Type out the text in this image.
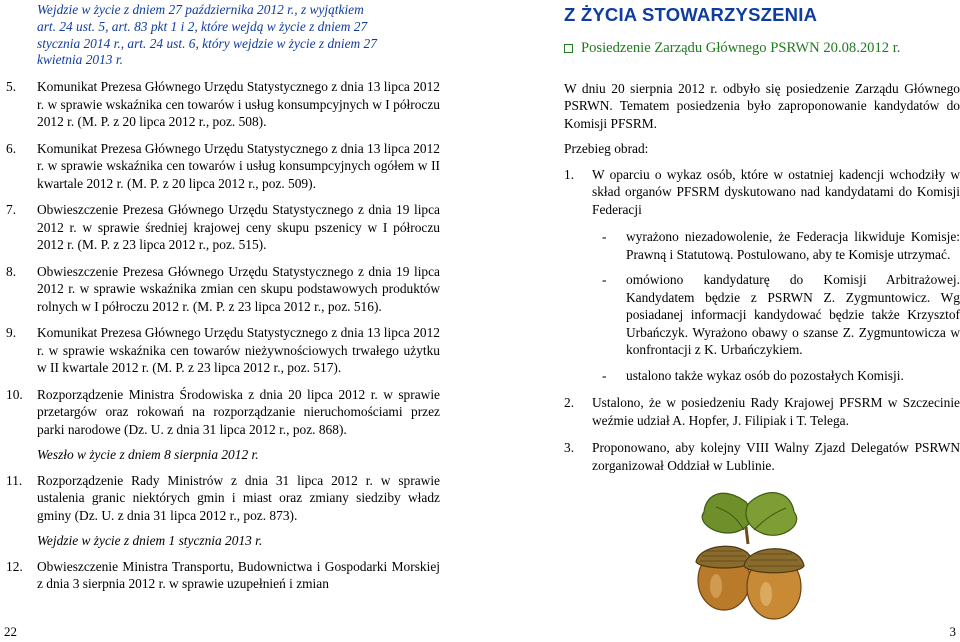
Wejdzie w życie z dniem 27 października 2012 r., z wyjątkiem
art. 24 ust. 5, art. 83 pkt 1 i 2, które wejdą w życie z dniem 27
stycznia 2014 r., art. 24 ust. 6, który wejdzie w życie z dniem 27
kwietnia 2013 r.

5. Komunikat Prezesa Głównego Urzędu Statystycznego z dnia 13 lipca 2012 r. w sprawie wskaźnika cen towarów i usług konsumpcyjnych w I półroczu 2012 r. (M. P. z 20 lipca 2012 r., poz. 508).
6. Komunikat Prezesa Głównego Urzędu Statystycznego z dnia 13 lipca 2012 r. w sprawie wskaźnika cen towarów i usług konsumpcyjnych ogółem w II kwartale 2012 r. (M. P. z 20 lipca 2012 r., poz. 509).
7. Obwieszczenie Prezesa Głównego Urzędu Statystycznego z dnia 19 lipca 2012 r. w sprawie średniej krajowej ceny skupu pszenicy w I półroczu 2012 r. (M. P. z 23 lipca 2012 r., poz. 515).
8. Obwieszczenie Prezesa Głównego Urzędu Statystycznego z dnia 19 lipca 2012 r. w sprawie wskaźnika zmian cen skupu podstawowych produktów rolnych w I półroczu 2012 r. (M. P. z 23 lipca 2012 r., poz. 516).
9. Komunikat Prezesa Głównego Urzędu Statystycznego z dnia 13 lipca 2012 r. w sprawie wskaźnika cen towarów nieżywnościowych trwałego użytku w II kwartale 2012 r. (M. P. z 23 lipca 2012 r., poz. 517).
10. Rozporządzenie Ministra Środowiska z dnia 20 lipca 2012 r. w sprawie przetargów oraz rokowań na rozporządzanie nieruchomościami przez parki narodowe (Dz. U. z dnia 31 lipca 2012 r., poz. 868).

Weszło w życie z dniem 8 sierpnia 2012 r.

11. Rozporządzenie Rady Ministrów z dnia 31 lipca 2012 r. w sprawie ustalenia granic niektórych gmin i miast oraz zmiany siedziby władz gminy (Dz. U. z dnia 31 lipca 2012 r., poz. 873).

Wejdzie w życie z dniem 1 stycznia 2013 r.

12. Obwieszczenie Ministra Transportu, Budownictwa i Gospodarki Morskiej z dnia 3 sierpnia 2012 r. w sprawie uzupełnień i zmian
22
Z ŻYCIA STOWARZYSZENIA
Posiedzenie Zarządu Głównego PSRWN 20.08.2012 r.

W dniu 20 sierpnia 2012 r. odbyło się posiedzenie Zarządu Głównego PSRWN. Tematem posiedzenia było zaproponowanie kandydatów do Komisji PFSRM.

Przebieg obrad:

1. W oparciu o wykaz osób, które w ostatniej kadencji wchodziły w skład organów PFSRM dyskutowano nad kandydatami do Komisji Federacji
- wyrażono niezadowolenie, że Federacja likwiduje Komisje: Prawną i Statutową. Postulowano, aby te Komisje utrzymać.
- omówiono kandydaturę do Komisji Arbitrażowej. Kandydatem będzie z PSRWN Z. Zygmuntowicz. Wg posiadanej informacji kandydować będzie także Krzysztof Urbańczyk. Wyrażono obawy o szanse Z. Zygmuntowicza w konfrontacji z K. Urbańczykiem.
- ustalono także wykaz osób do pozostałych Komisji.
2. Ustalono, że w posiedzeniu Rady Krajowej PFSRM w Szczecinie weźmie udział A. Hopfer, J. Filipiak i T. Telega.
3. Proponowano, aby kolejny VIII Walny Zjazd Delegatów PSRWN zorganizował Oddział w Lublinie.
3
